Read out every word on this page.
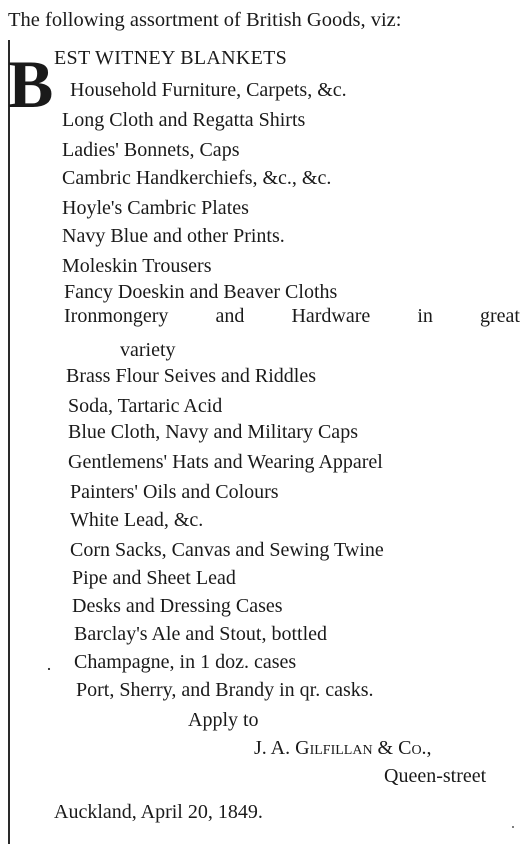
The following assortment of British Goods, viz:
B EST WITNEY BLANKETS
Household Furniture, Carpets, &c.
Long Cloth and Regatta Shirts
Ladies' Bonnets, Caps
Cambric Handkerchiefs, &c., &c.
Hoyle's Cambric Plates
Navy Blue and other Prints.
Moleskin Trousers
Fancy Doeskin and Beaver Cloths
Ironmongery and Hardware in great
variety
Brass Flour Seives and Riddles
Soda, Tartaric Acid
Blue Cloth, Navy and Military Caps
Gentlemens' Hats and Wearing Apparel
Painters' Oils and Colours
White Lead, &c.
Corn Sacks, Canvas and Sewing Twine
Pipe and Sheet Lead
Desks and Dressing Cases
Barclay's Ale and Stout, bottled
· Champagne, in 1 doz. cases
Port, Sherry, and Brandy in qr. casks.
Apply to
J. A. Gilfillan & Co.,
Queen-street
Auckland, April 20, 1849.
